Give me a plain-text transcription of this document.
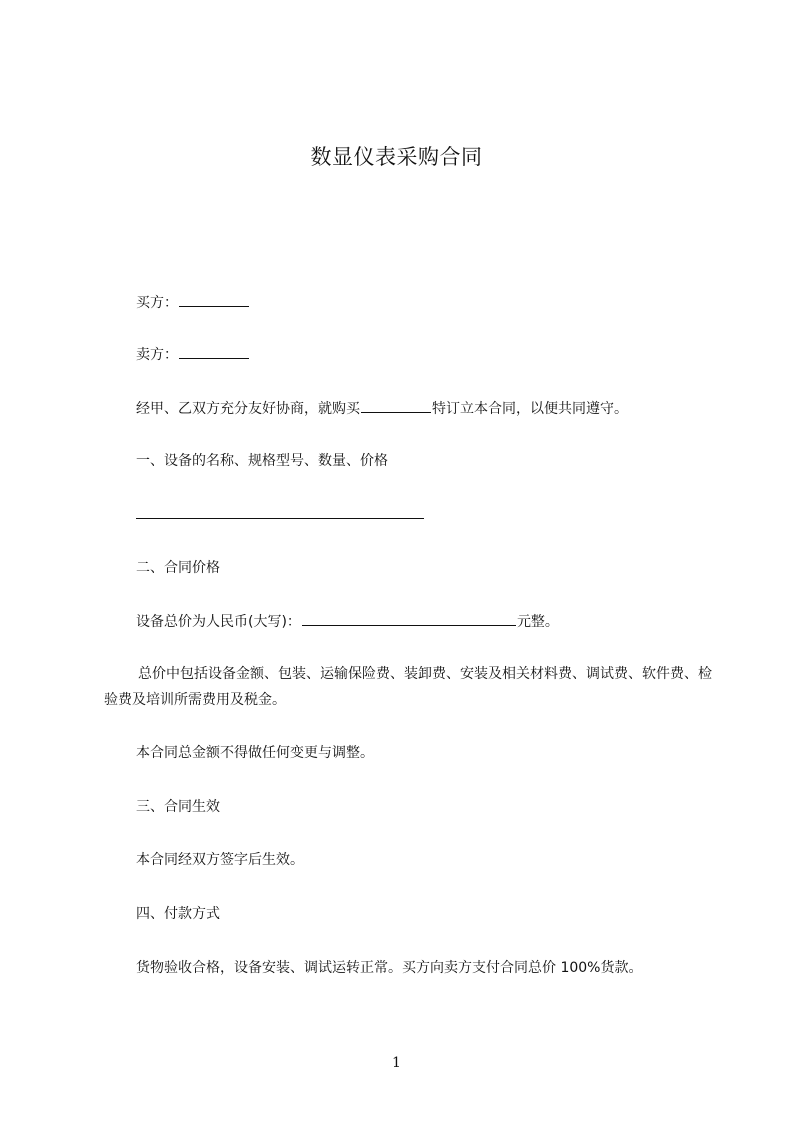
数显仪表采购合同
买方：
卖方：
经甲、乙双方充分友好协商，就购买	特订立本合同，以便共同遵守。
一、设备的名称、规格型号、数量、价格
二、合同价格
设备总价为人民币(大写)：	元整。
总价中包括设备金额、包装、运输保险费、装卸费、安装及相关材料费、调试费、软件费、检验费及培训所需费用及税金。
本合同总金额不得做任何变更与调整。
三、合同生效
本合同经双方签字后生效。
四、付款方式
货物验收合格，设备安装、调试运转正常。买方向卖方支付合同总价 100%货款。
1
